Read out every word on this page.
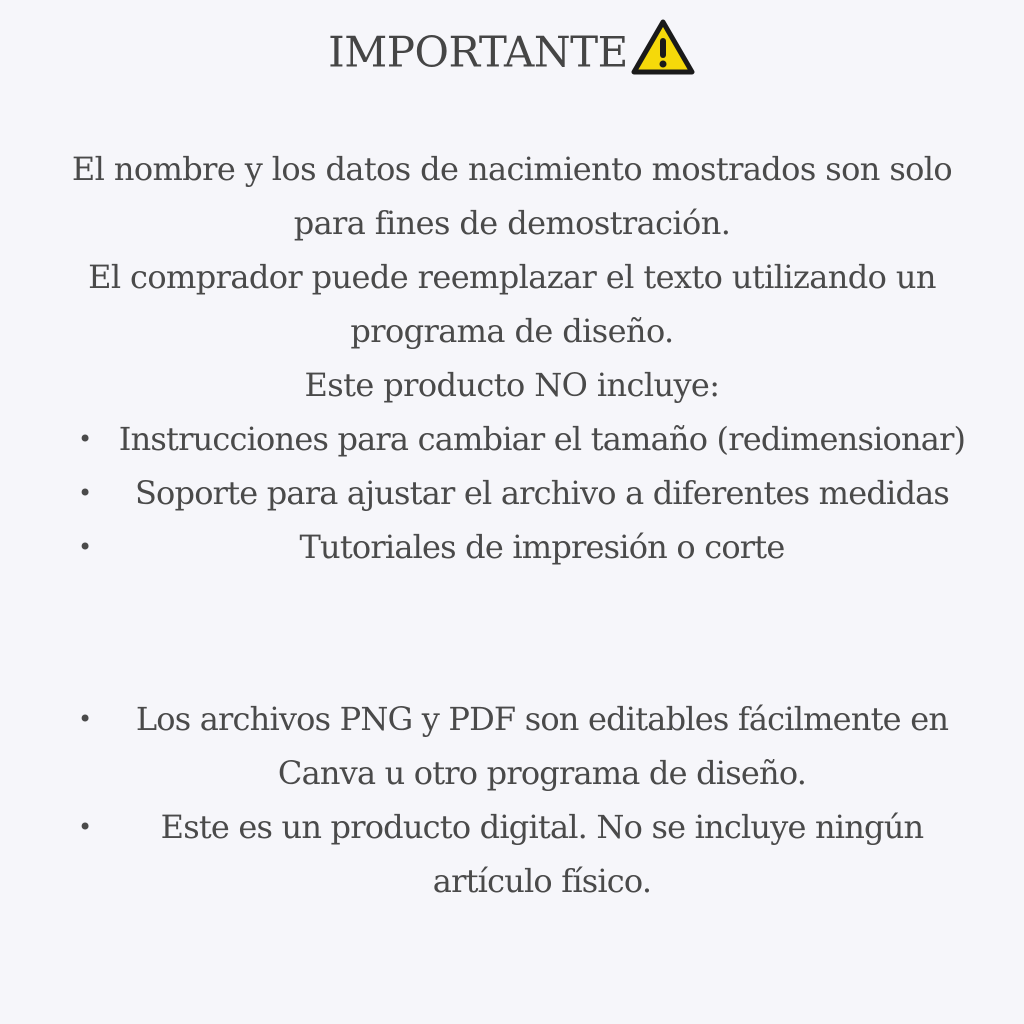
IMPORTANTE

El nombre y los datos de nacimiento mostrados son solo para fines de demostración.

El comprador puede reemplazar el texto utilizando un programa de diseño.

Este producto NO incluye:

• Instrucciones para cambiar el tamaño (redimensionar)
• Soporte para ajustar el archivo a diferentes medidas
•	Tutoriales de impresión o corte
• Los archivos PNG y PDF son editables fácilmente en Canva u otro programa de diseño.
• Este es un producto digital. No se incluye ningún artículo físico.
